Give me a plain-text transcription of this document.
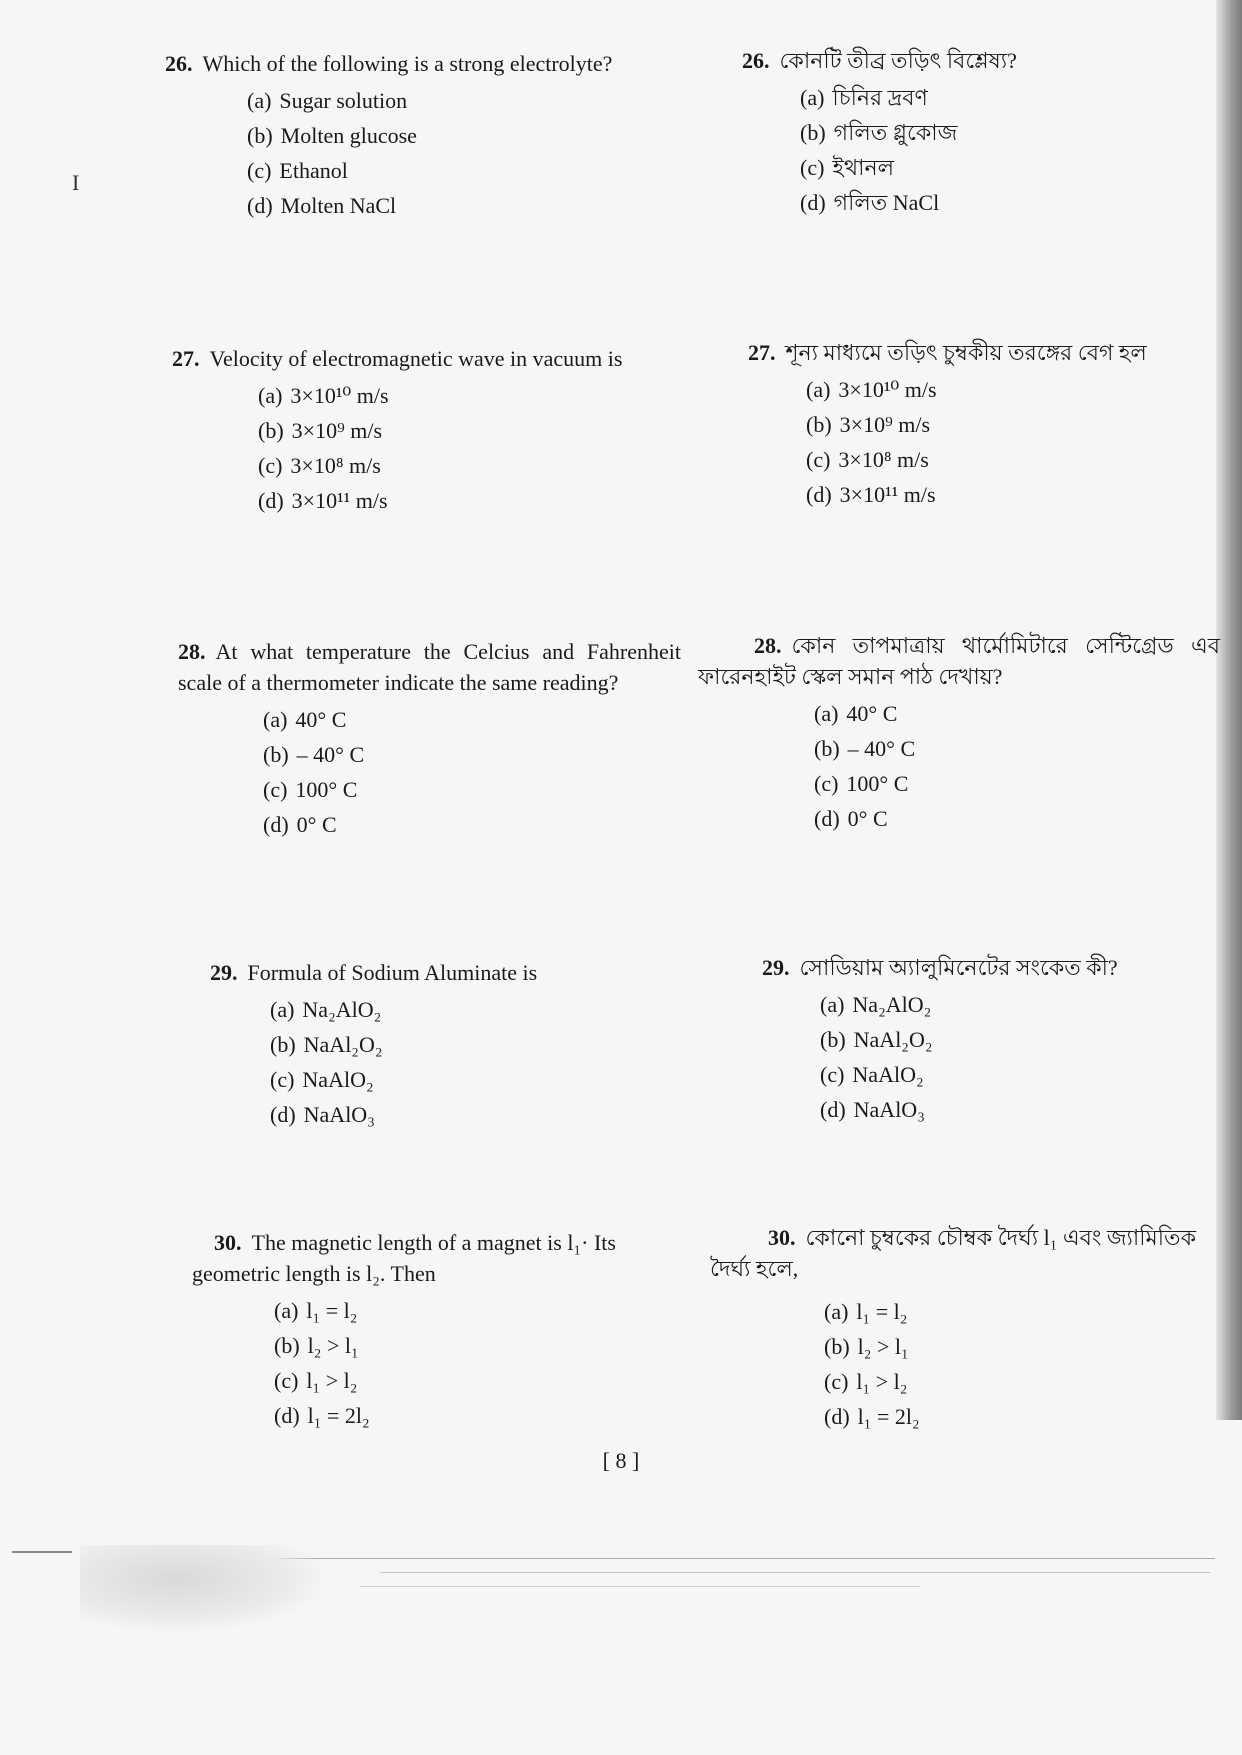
I

26. Which of the following is a strong electrolyte?

(a) Sugar solution
(b) Molten glucose
(c) Ethanol
(d) Molten NaCl

27. Velocity of electromagnetic wave in vacuum is

(a) 3×10¹⁰ m/s
(b) 3×10⁹ m/s
(c) 3×10⁸ m/s
(d) 3×10¹¹ m/s

28. At what temperature the Celcius and Fahrenheit scale of a thermometer indicate the same reading?

(a) 40° C
(b) – 40° C
(c) 100° C
(d) 0° C

29. Formula of Sodium Aluminate is

(a) Na₂AlO₂
(b) NaAl₂O₂
(c) NaAlO₂
(d) NaAlO₃

30. The magnetic length of a magnet is l₁· Its geometric length is l₂. Then

(a) l₁ = l₂
(b) l₂ > l₁
(c) l₁ > l₂
(d) l₁ = 2l₂

26. কোনটি তীব্র তড়িৎ বিশ্লেষ্য?

(a) চিনির দ্রবণ
(b) গলিত গ্লুকোজ
(c) ইথানল
(d) গলিত NaCl

27. শূন্য মাধ্যমে তড়িৎ চুম্বকীয় তরঙ্গের বেগ হল

(a) 3×10¹⁰ m/s
(b) 3×10⁹ m/s
(c) 3×10⁸ m/s
(d) 3×10¹¹ m/s

28. কোন তাপমাত্রায় থার্মোমিটারে সেন্টিগ্রেড এব ফারেনহাইট স্কেল সমান পাঠ দেখায়?

(a) 40° C
(b) – 40° C
(c) 100° C
(d) 0° C

29. সোডিয়াম অ্যালুমিনেটের সংকেত কী?

(a) Na₂AlO₂
(b) NaAl₂O₂
(c) NaAlO₂
(d) NaAlO₃

30. কোনো চুম্বকের চৌম্বক দৈর্ঘ্য l₁ এবং জ্যামিতিক দৈর্ঘ্য হলে,

(a) l₁ = l₂
(b) l₂ > l₁
(c) l₁ > l₂
(d) l₁ = 2l₂
[ 8 ]
